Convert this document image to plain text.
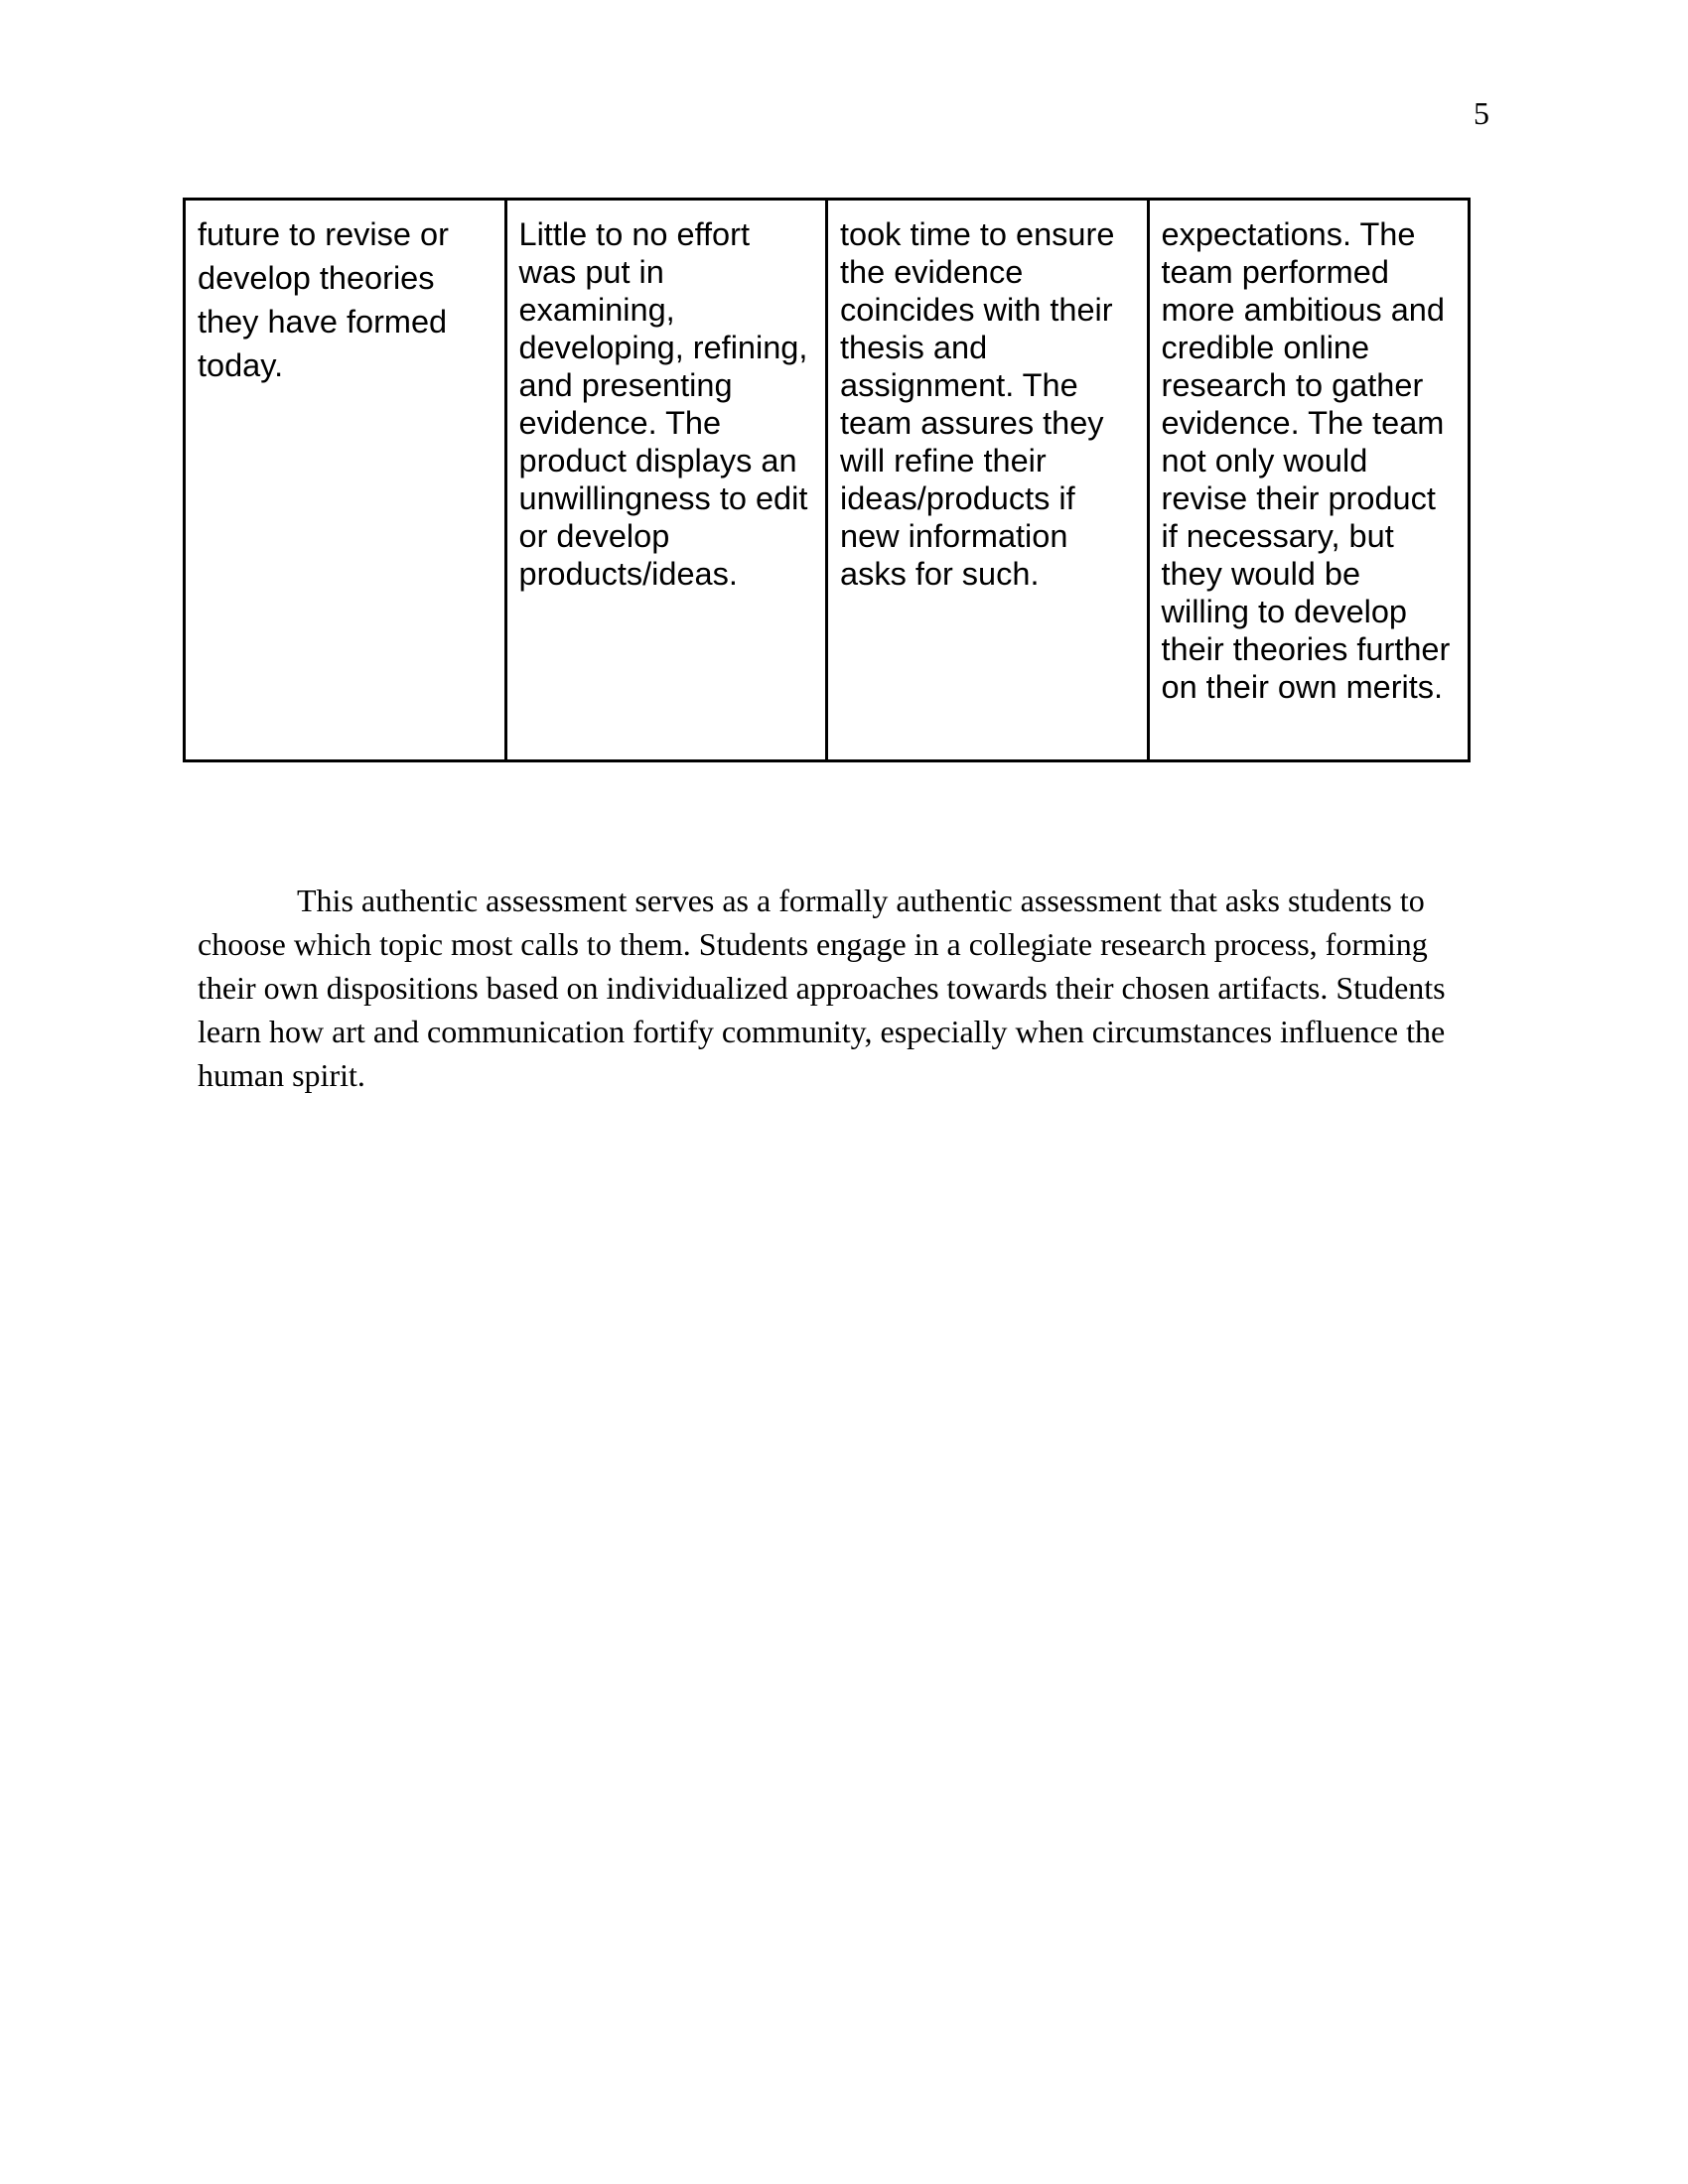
5
future to revise or develop theories they have formed today.	Little to no effort was put in examining, developing, refining, and presenting evidence. The product displays an unwillingness to edit or develop products/ideas.	took time to ensure the evidence coincides with their thesis and assignment. The team assures they will refine their ideas/products if new information asks for such.	expectations. The team performed more ambitious and credible online research to gather evidence. The team not only would revise their product if necessary, but they would be willing to develop their theories further on their own merits.

This authentic assessment serves as a formally authentic assessment that asks students to choose which topic most calls to them. Students engage in a collegiate research process, forming their own dispositions based on individualized approaches towards their chosen artifacts. Students learn how art and communication fortify community, especially when circumstances influence the human spirit.
